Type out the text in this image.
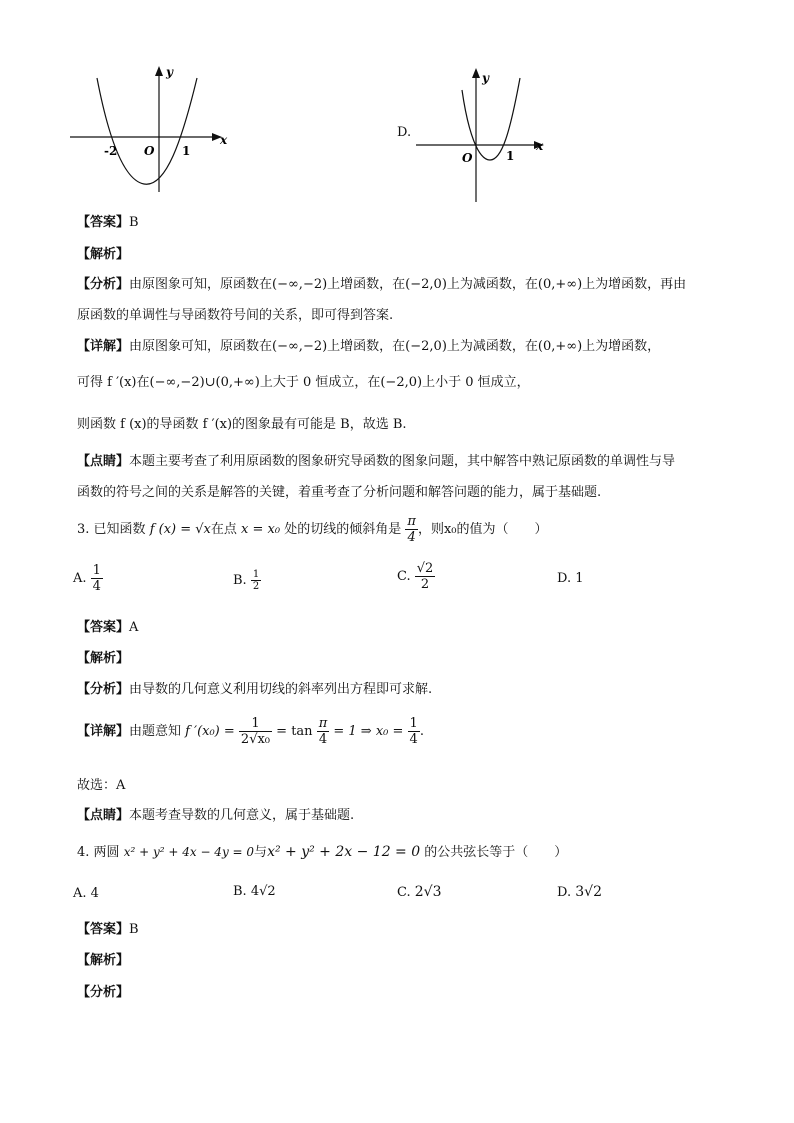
y
x
O
-2	1
D.
y
x
O	1
【答案】B
【解析】
【分析】由原图象可知，原函数在(−∞,−2)上增函数，在(−2,0)上为减函数，在(0,+∞)上为增函数，再由
原函数的单调性与导函数符号间的关系，即可得到答案.
【详解】由原图象可知，原函数在(−∞,−2)上增函数，在(−2,0)上为减函数，在(0,+∞)上为增函数，
可得 f ′(x)在(−∞,−2)∪(0,+∞)上大于 0 恒成立，在(−2,0)上小于 0 恒成立，
则函数 f (x)的导函数 f ′(x)的图象最有可能是 B，故选 B.
【点睛】本题主要考查了利用原函数的图象研究导函数的图象问题，其中解答中熟记原函数的单调性与导
函数的符号之间的关系是解答的关键，着重考查了分析问题和解答问题的能力，属于基础题.
3. 已知函数 f (x) = √x在点 x = x₀ 处的切线的倾斜角是 $\frac{\pi}{4}$ ，则x₀的值为（　　）
A. $\frac{1}{4}$	B. $\frac{1}{2}$	C. $\frac{√2}{2}$	D. 1
【答案】A
【解析】
【分析】由导数的几何意义利用切线的斜率列出方程即可求解.
【详解】由题意知 f $'(x_0) = \frac{1}{\text{2√x₀}} = \tan \frac{\pi}{4} = 1$ ⇒ $x_0 = \frac{1}{4}$ .
故选：A
【点睛】本题考查导数的几何意义，属于基础题.
4. 两圆 x² + y² + 4x − 4y = 0与x² + y² + 2x − 12 = 0 的公共弦长等于（　　）
A. 4	B. 4√2	C. 2√3	D. 3√2
【答案】B
【解析】
【分析】
